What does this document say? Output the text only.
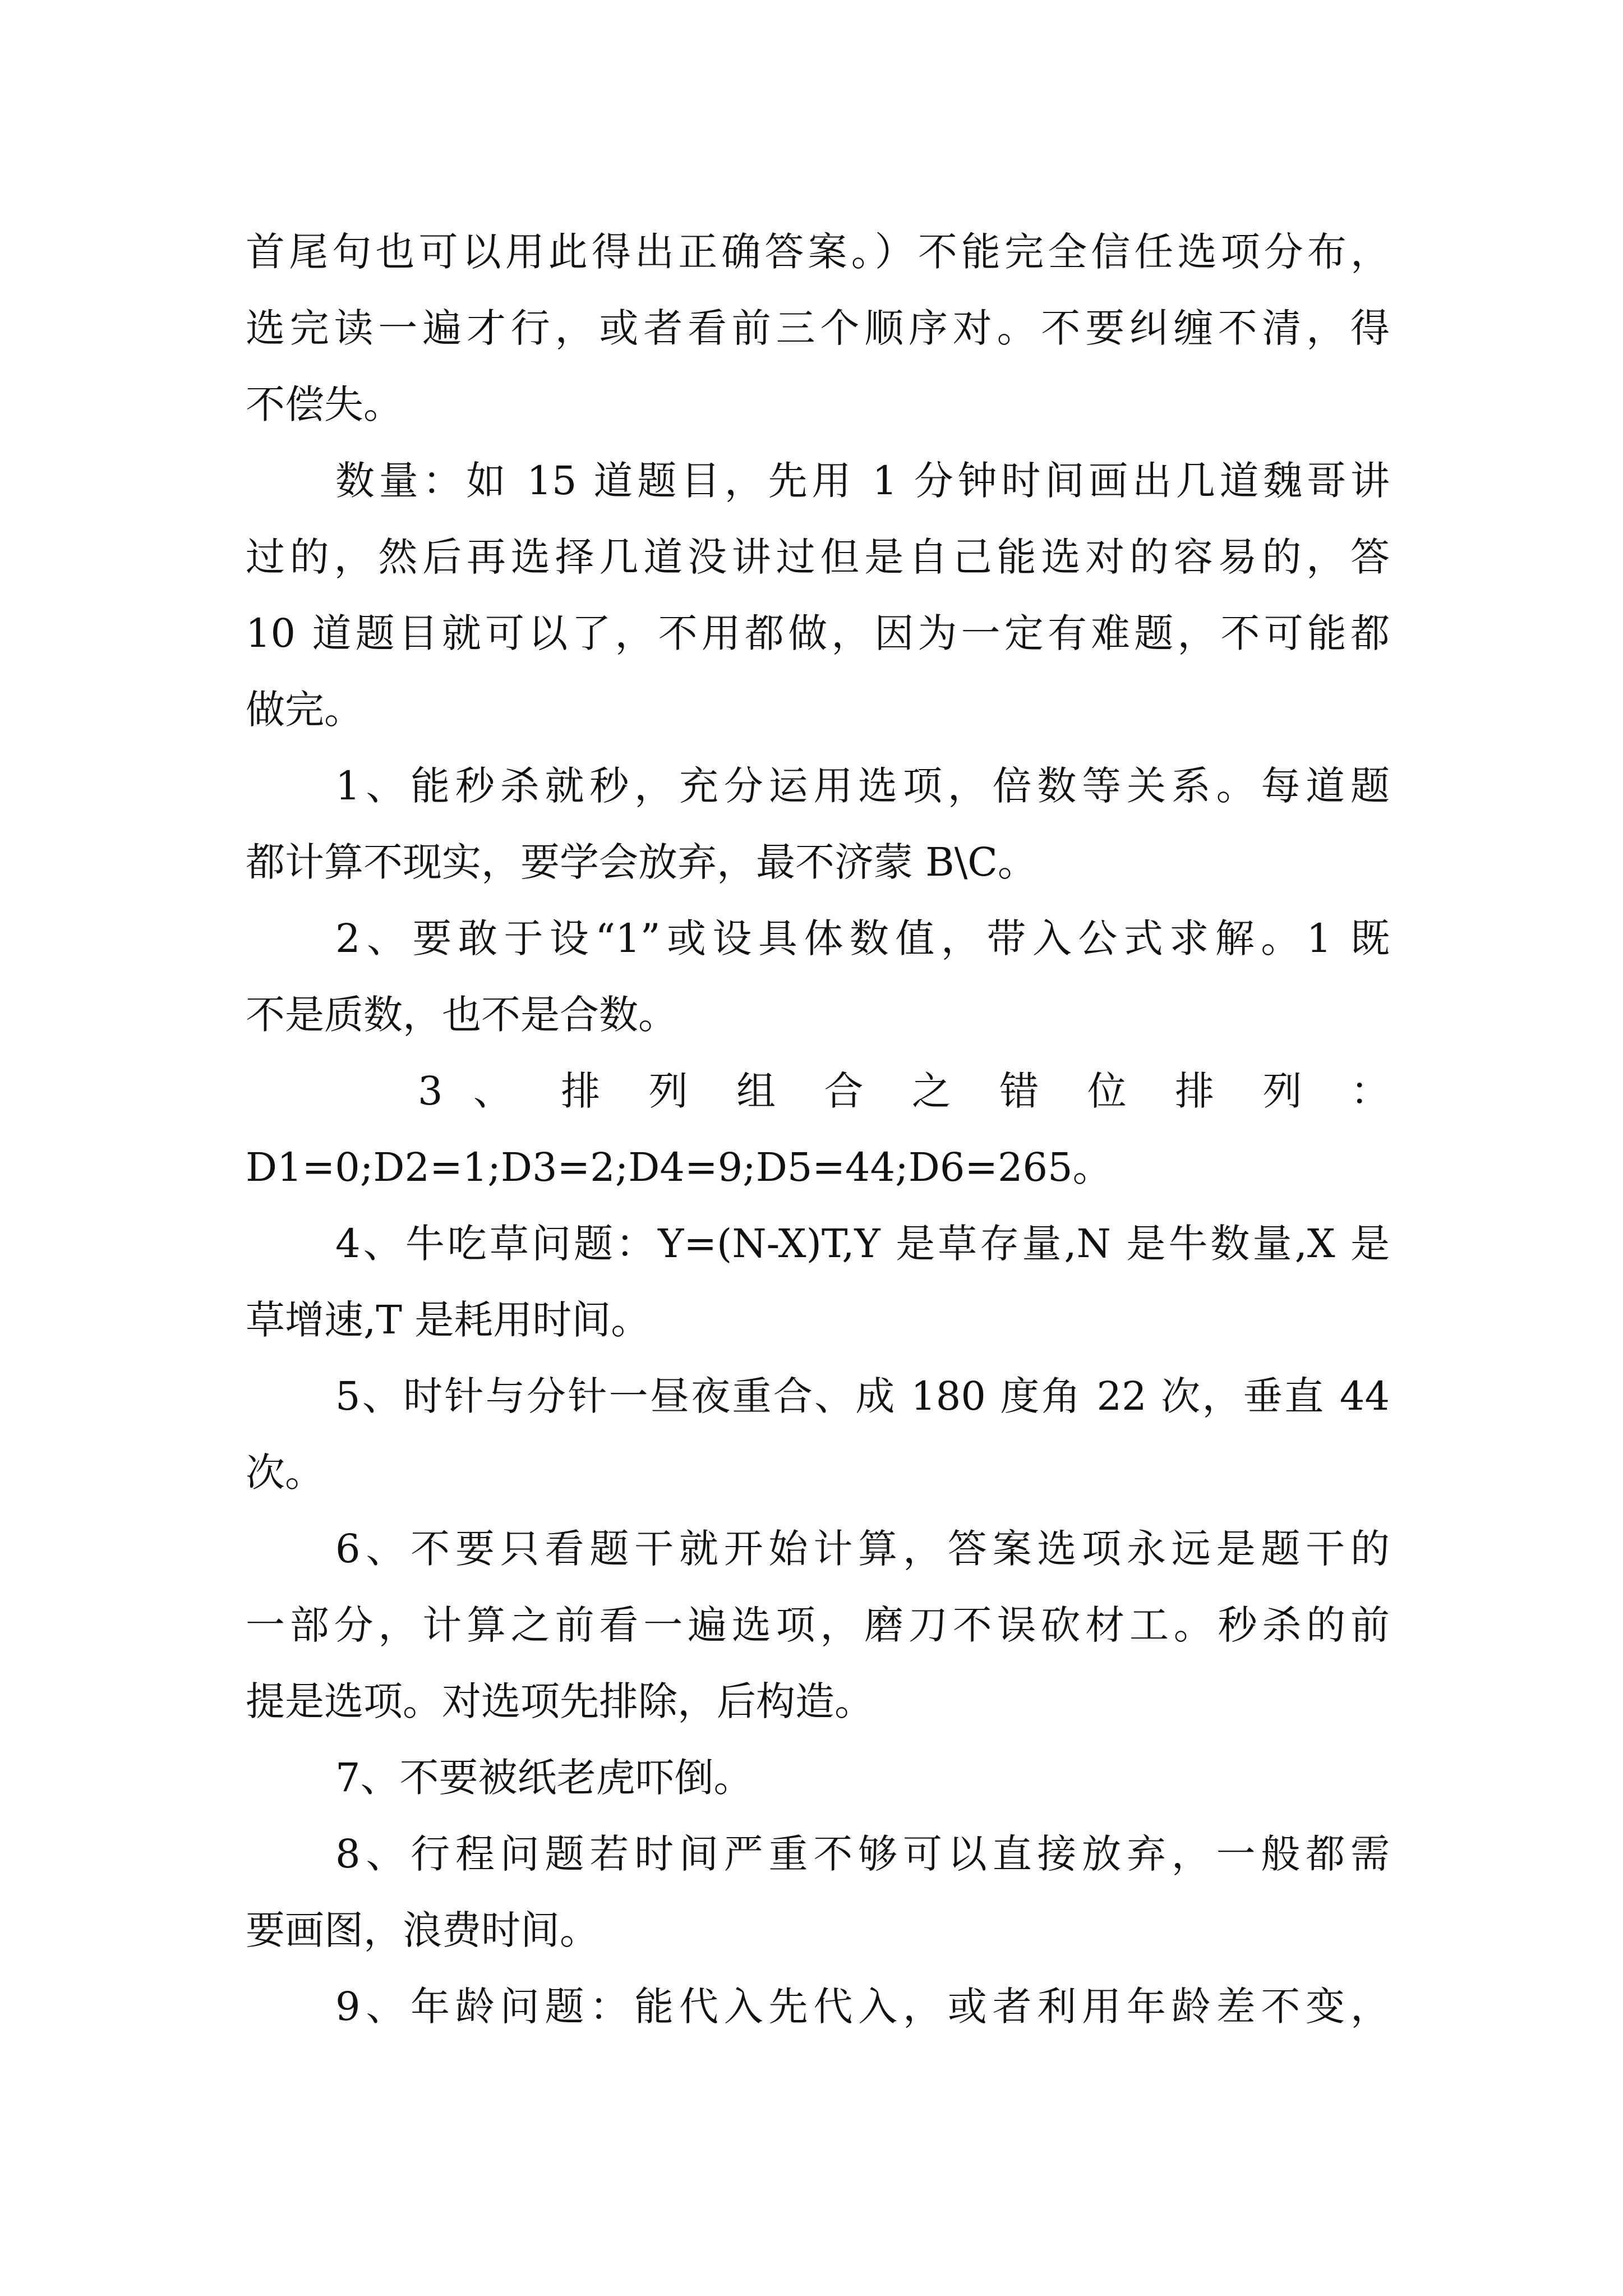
首尾句也可以用此得出正确答案。）不能完全信任选项分布，
选完读一遍才行，或者看前三个顺序对。不要纠缠不清，得
不偿失。
数量：如 15 道题目，先用 1 分钟时间画出几道魏哥讲
过的，然后再选择几道没讲过但是自己能选对的容易的，答
10 道题目就可以了，不用都做，因为一定有难题，不可能都
做完。
1、能秒杀就秒，充分运用选项，倍数等关系。每道题
都计算不现实，要学会放弃，最不济蒙 B\C。
2、要敢于设“1”或设具体数值，带入公式求解。1 既
不是质数，也不是合数。
3 、 排 列 组 合 之 错 位 排 列 ：
D1=0;D2=1;D3=2;D4=9;D5=44;D6=265。
4、牛吃草问题：Y=(N-X)T,Y 是草存量,N 是牛数量,X 是
草增速,T 是耗用时间。
5、时针与分针一昼夜重合、成 180 度角 22 次，垂直 44
次。
6、不要只看题干就开始计算，答案选项永远是题干的
一部分，计算之前看一遍选项，磨刀不误砍材工。秒杀的前
提是选项。对选项先排除，后构造。
7、不要被纸老虎吓倒。
8、行程问题若时间严重不够可以直接放弃，一般都需
要画图，浪费时间。
9、年龄问题：能代入先代入，或者利用年龄差不变，
